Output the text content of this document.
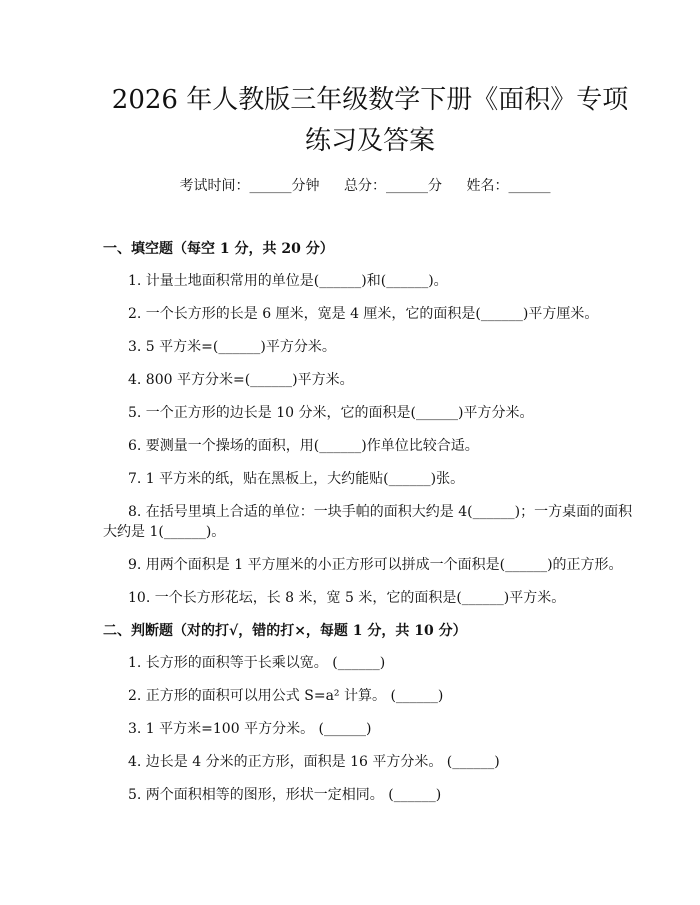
2026 年人教版三年级数学下册《面积》专项
练习及答案
考试时间：______分钟 总分：______分 姓名：______

一、填空题（每空 1 分，共 20 分）

1. 计量土地面积常用的单位是(______)和(______)。

2. 一个长方形的长是 6 厘米，宽是 4 厘米，它的面积是(______)平方厘米。

3. 5 平方米=(______)平方分米。

4. 800 平方分米=(______)平方米。

5. 一个正方形的边长是 10 分米，它的面积是(______)平方分米。

6. 要测量一个操场的面积，用(______)作单位比较合适。

7. 1 平方米的纸，贴在黑板上，大约能贴(______)张。

8. 在括号里填上合适的单位：一块手帕的面积大约是 4(______)；一方桌面的面积大约是 1(______)。

9. 用两个面积是 1 平方厘米的小正方形可以拼成一个面积是(______)的正方形。

10. 一个长方形花坛，长 8 米，宽 5 米，它的面积是(______)平方米。

二、判断题（对的打√，错的打×，每题 1 分，共 10 分）

1. 长方形的面积等于长乘以宽。 (______)

2. 正方形的面积可以用公式 S=a² 计算。 (______)

3. 1 平方米=100 平方分米。 (______)

4. 边长是 4 分米的正方形，面积是 16 平方分米。 (______)

5. 两个面积相等的图形，形状一定相同。 (______)
